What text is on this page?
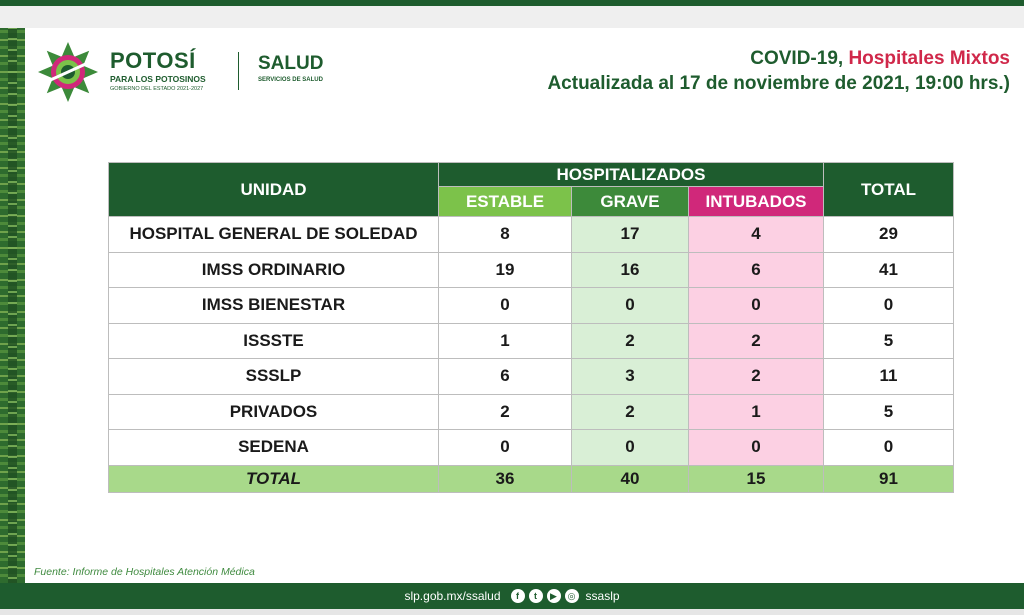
POTOSÍ
PARA LOS POTOSINOS
GOBIERNO DEL ESTADO 2021-2027
SALUD
SERVICIOS DE SALUD
COVID-19, Hospitales Mixtos
Actualizada al 17 de noviembre de 2021, 19:00 hrs.)
UNIDAD	HOSPITALIZADOS			TOTAL
	ESTABLE	GRAVE	INTUBADOS	
HOSPITAL GENERAL DE SOLEDAD	8	17	4	29
IMSS ORDINARIO	19	16	6	41
IMSS BIENESTAR	0	0	0	0
ISSSTE	1	2	2	5
SSSLP	6	3	2	11
PRIVADOS	2	2	1	5
SEDENA	0	0	0	0
TOTAL	36	40	15	91
Fuente: Informe de Hospitales Atención Médica
slp.gob.mx/ssalud	f	t	▶	◎ ssaslp
